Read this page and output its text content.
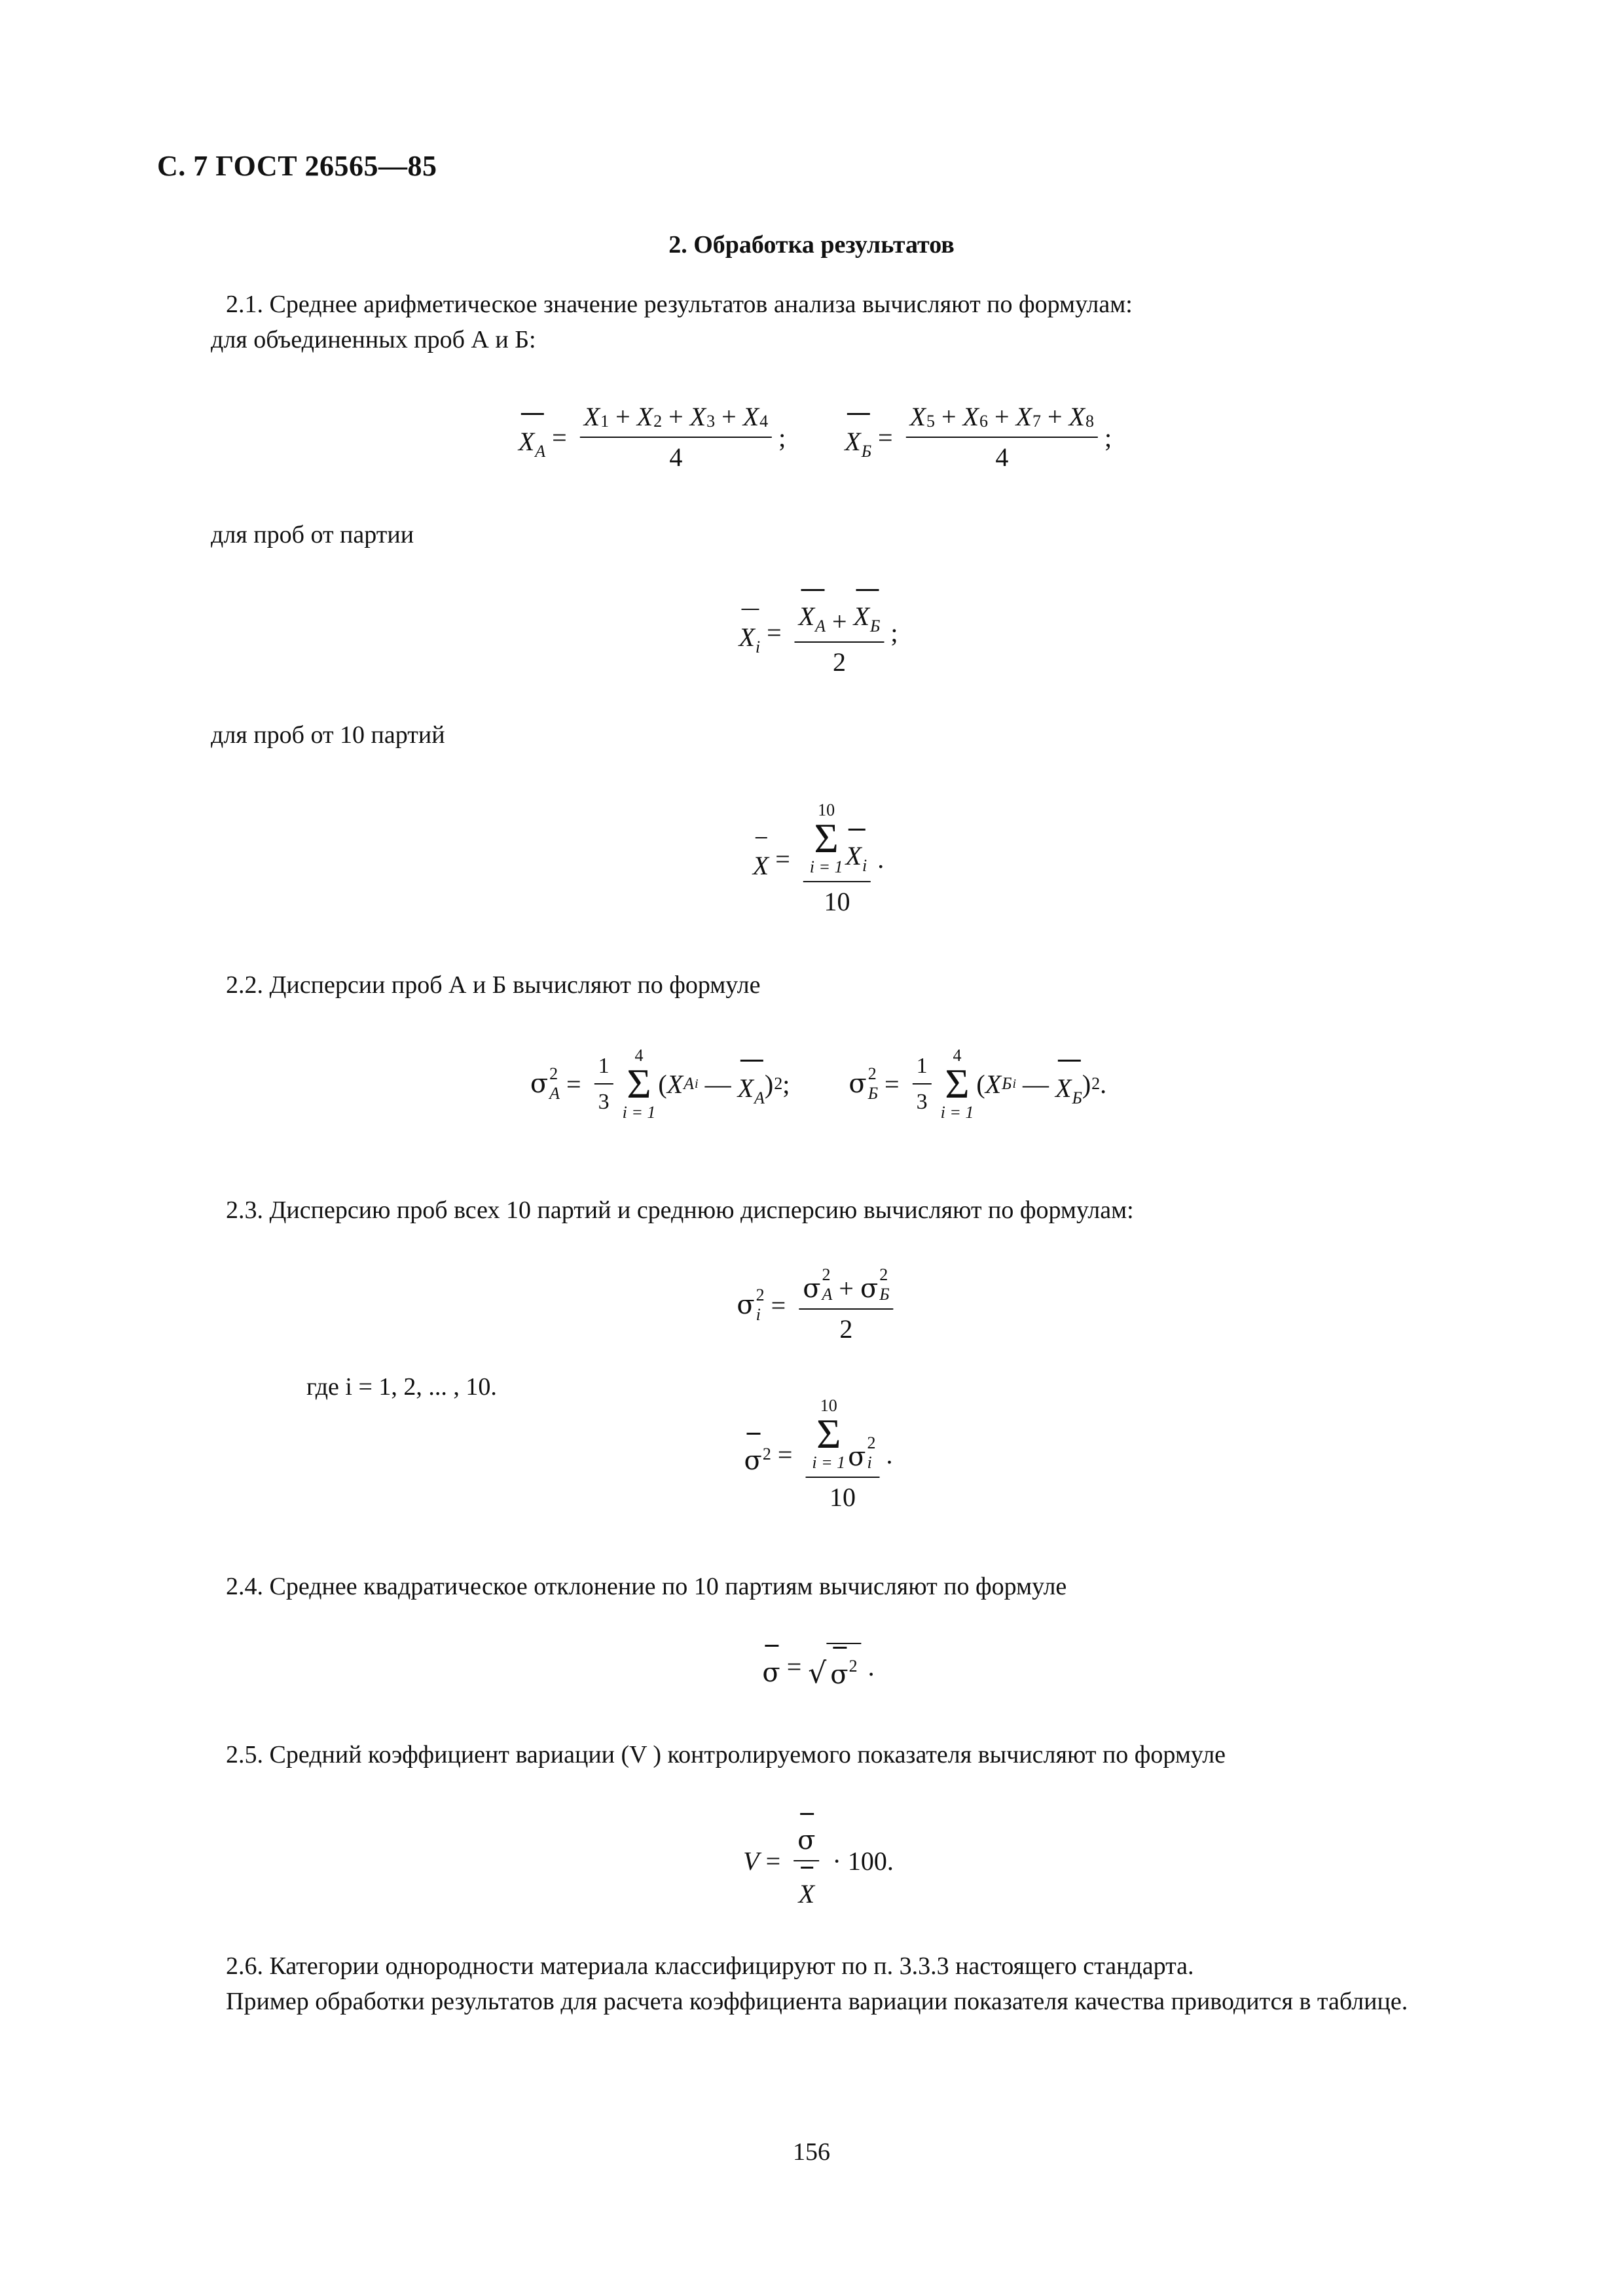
С. 7 ГОСТ 26565—85
2. Обработка результатов
2.1. Среднее арифметическое значение результатов анализа вычисляют по формулам:
для объединенных проб А и Б:
$X_А$ =
X 1 + X 2 + X 3 + X 4
4
; $X_Б$ =
X 5 + X 6 + X 7 + X 8
4
;
для проб от партии
$X_i = \frac{X_А + X_Б}{2}$ ;
для проб от 10 партий
X = 10
Σ
i = 1 $X_i$
10 .
2.2. Дисперсии проб А и Б вычисляют по формуле
σ 2
$А = \frac{1}{3} 4$
Σ
i = 1
( X А i — $X_А$ ) 2 ; σ 2
$Б = \frac{1}{3} 4$
Σ
i = 1
( X Б i — $X_Б$ ) 2 .
2.3. Дисперсию проб всех 10 партий и среднюю дисперсию вычисляют по формулам:
σ 2
i = σ 2
А + σ 2
Б
2
где i = 1, 2, ... , 10.
σ 2 =
10
Σ
i = 1 σ 2
i
10
.
2.4. Среднее квадратическое отклонение по 10 партиям вычисляют по формуле
σ = √ $\sigma^2$ .
2.5. Средний коэффициент вариации (V ) контролируемого показателя вычисляют по формуле
$V = \frac{\sigma}{X} \cdot 100$ .
2.6. Категории однородности материала классифицируют по п. 3.3.3 настоящего стандарта.
Пример обработки результатов для расчета коэффициента вариации показателя качества приводится в таблице.
156
